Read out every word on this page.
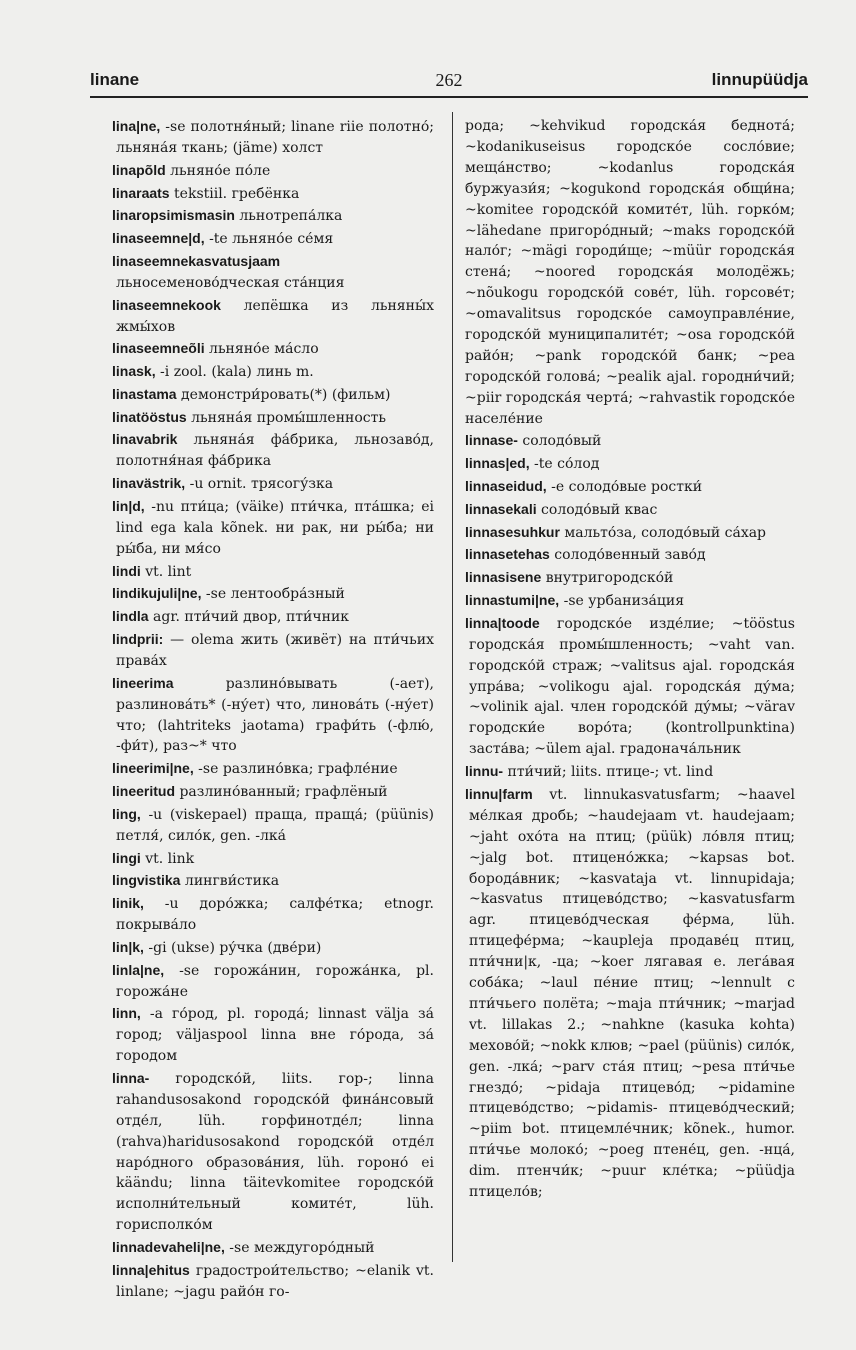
linane	262	linnupüüdja
lina|ne, -se полотня́ный; linane riie полотно́; льняна́я ткань; (jäme) холст
linapõld льняно́е по́ле
linaraats tekstiil. гребёнка
linaropsimismasin льнотрепа́лка
linaseemne|d, -te льняно́е се́мя
linaseemnekasvatusjaam льносеменово́дческая ста́нция
linaseemnekook лепёшка из льняны́х жмы́хов
linaseemneõli льняно́е ма́сло
linask, -i zool. (kala) линь m.
linastama демонстри́ровать(*) (фильм)
linatööstus льняна́я промы́шленность
linavabrik льняна́я фа́брика, льнозаво́д, полотня́ная фа́брика
linavästrik, -u ornit. трясогу́зка
lin|d, -nu пти́ца; (väike) пти́чка, пта́шка; ei lind ega kala kõnek. ни рак, ни ры́ба; ни ры́ба, ни мя́со
lindi vt. lint
lindikujuli|ne, -se лентообра́зный
lindla agr. пти́чий двор, пти́чник
lindprii: — olema жить (живёт) на пти́чьих права́х
lineerima разлино́вывать (-ает), разлинова́ть* (-ну́ет) что, линова́ть (-ну́ет) что; (lahtriteks jaotama) графи́ть (-флю́, -фи́т), раз~* что
lineerimi|ne, -se разлино́вка; графле́ние
lineeritud разлино́ванный; графлёный
ling, -u (viskepael) праща, праща́; (püünis) петля́, сило́к, gen. -лка́
lingi vt. link
lingvistika лингви́стика
linik, -u доро́жка; салфе́тка; etnogr. покрыва́ло
lin|k, -gi (ukse) ру́чка (две́ри)
linla|ne, -se горожа́нин, горожа́нка, pl. горожа́не
linn, -a го́род, pl. города́; linnast välja за́ город; väljaspool linna вне го́рода, за́ городом
linna- городско́й, liits. гор-; linna rahandusosakond городско́й фина́нсовый отде́л, lüh. горфинотде́л; linna (rahva)haridusosakond городско́й отде́л наро́дного образова́ния, lüh. гороно́ ei käändu; linna täitevkomitee городско́й исполни́тельный комите́т, lüh. горисполко́м
linnadevaheli|ne, -se междугоро́дный
linna|ehitus градострои́тельство; ~elanik vt. linlane; ~jagu райо́н го-
рода; ~kehvikud городска́я беднота́; ~kodanikuseisus городско́е сосло́вие; меща́нство; ~kodanlus городска́я буржуази́я; ~kogukond городска́я общи́на; ~komitee городско́й комите́т, lüh. горко́м; ~lähedane пригоро́дный; ~maks городско́й нало́г; ~mägi городи́ще; ~müür городска́я стена́; ~noored городска́я молодёжь; ~nõukogu городско́й сове́т, lüh. горсове́т; ~omavalitsus городско́е самоуправле́ние, городско́й муниципалите́т; ~osa городско́й райо́н; ~pank городско́й банк; ~pea городско́й голова́; ~pealik ajal. городни́чий; ~piir городска́я черта́; ~rahvastik городско́е населе́ние
linnase- солодо́вый
linnas|ed, -te со́лод
linnaseidud, -e солодо́вые ростки́
linnasekali солодо́вый квас
linnasesuhkur мальто́за, солодо́вый са́хар
linnasetehas солодо́венный заво́д
linnasisene внутригородско́й
linnastumi|ne, -se урбаниза́ция
linna|toode городско́е изде́лие; ~tööstus городска́я промы́шленность; ~vaht van. городско́й страж; ~valitsus ajal. городска́я упра́ва; ~volikogu ajal. городска́я ду́ма; ~volinik ajal. член городско́й ду́мы; ~värav городски́е воро́та; (kontrollpunktina) заста́ва; ~ülem ajal. градонача́льник
linnu- пти́чий; liits. птице-; vt. lind
linnu|farm vt. linnukasvatusfarm; ~haavel ме́лкая дробь; ~haudejaam vt. haudejaam; ~jaht охо́та на птиц; (püük) ло́вля птиц; ~jalg bot. птицено́жка; ~kapsas bot. борода́вник; ~kasvataja vt. linnupidaja; ~kasvatus птицево́дство; ~kasvatusfarm agr. птицево́дческая фе́рма, lüh. птицефе́рма; ~kaupleja продаве́ц птиц, пти́чни|к, -ца; ~koer лягавая e. лега́вая соба́ка; ~laul пе́ние птиц; ~lennult с пти́чьего полёта; ~maja пти́чник; ~marjad vt. lillakas 2.; ~nahkne (kasuka kohta) мехово́й; ~nokk клюв; ~pael (püünis) сило́к, gen. -лка́; ~parv ста́я птиц; ~pesa пти́чье гнездо́; ~pidaja птицево́д; ~pidamine птицево́дство; ~pidamis- птицево́дческий; ~piim bot. птицемле́чник; kõnek., humor. пти́чье молоко́; ~poeg птене́ц, gen. -нца́, dim. птенчи́к; ~puur кле́тка; ~püüdja птицело́в;
